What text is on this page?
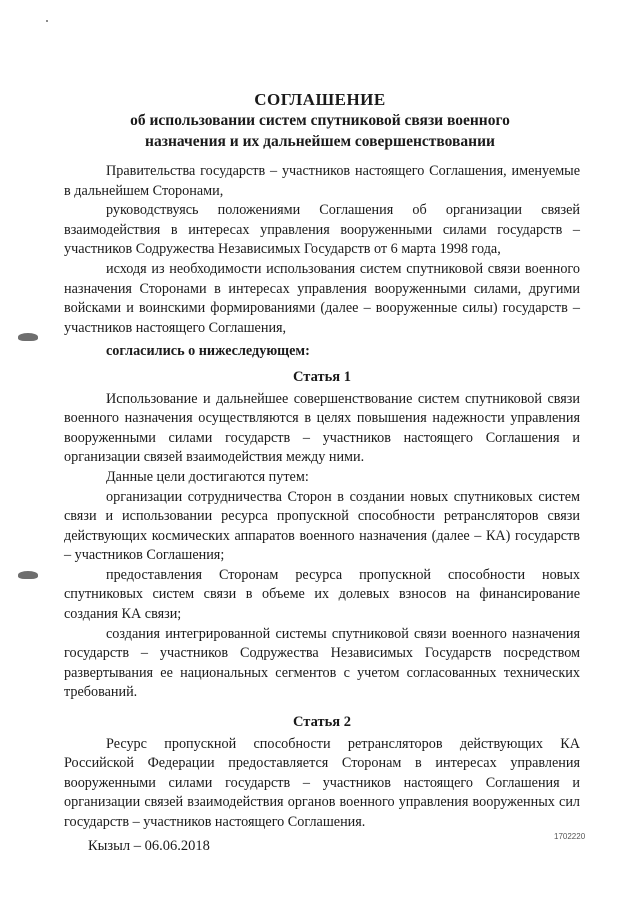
СОГЛАШЕНИЕ
об использовании систем спутниковой связи военного
назначения и их дальнейшем совершенствовании

Правительства государств – участников настоящего Соглашения, именуемые в дальнейшем Сторонами,

руководствуясь положениями Соглашения об организации связей взаимодействия в интересах управления вооруженными силами государств – участников Содружества Независимых Государств от 6 марта 1998 года,

исходя из необходимости использования систем спутниковой связи военного назначения Сторонами в интересах управления вооруженными силами, другими войсками и воинскими формированиями (далее – вооруженные силы) государств – участников настоящего Соглашения,

согласились о нижеследующем:

Статья 1

Использование и дальнейшее совершенствование систем спутниковой связи военного назначения осуществляются в целях повышения надежности управления вооруженными силами государств – участников настоящего Соглашения и организации связей взаимодействия между ними.

Данные цели достигаются путем:

организации сотрудничества Сторон в создании новых спутниковых систем связи и использовании ресурса пропускной способности ретрансляторов связи действующих космических аппаратов военного назначения (далее – КА) государств – участников Соглашения;

предоставления Сторонам ресурса пропускной способности новых спутниковых систем связи в объеме их долевых взносов на финансирование создания КА связи;

создания интегрированной системы спутниковой связи военного назначения государств – участников Содружества Независимых Государств посредством развертывания ее национальных сегментов с учетом согласованных технических требований.

Статья 2

Ресурс пропускной способности ретрансляторов действующих КА Российской Федерации предоставляется Сторонам в интересах управления вооруженными силами государств – участников настоящего Соглашения и организации связей взаимодействия органов военного управления вооруженных сил государств – участников настоящего Соглашения.

Кызыл – 06.06.2018
1702220
